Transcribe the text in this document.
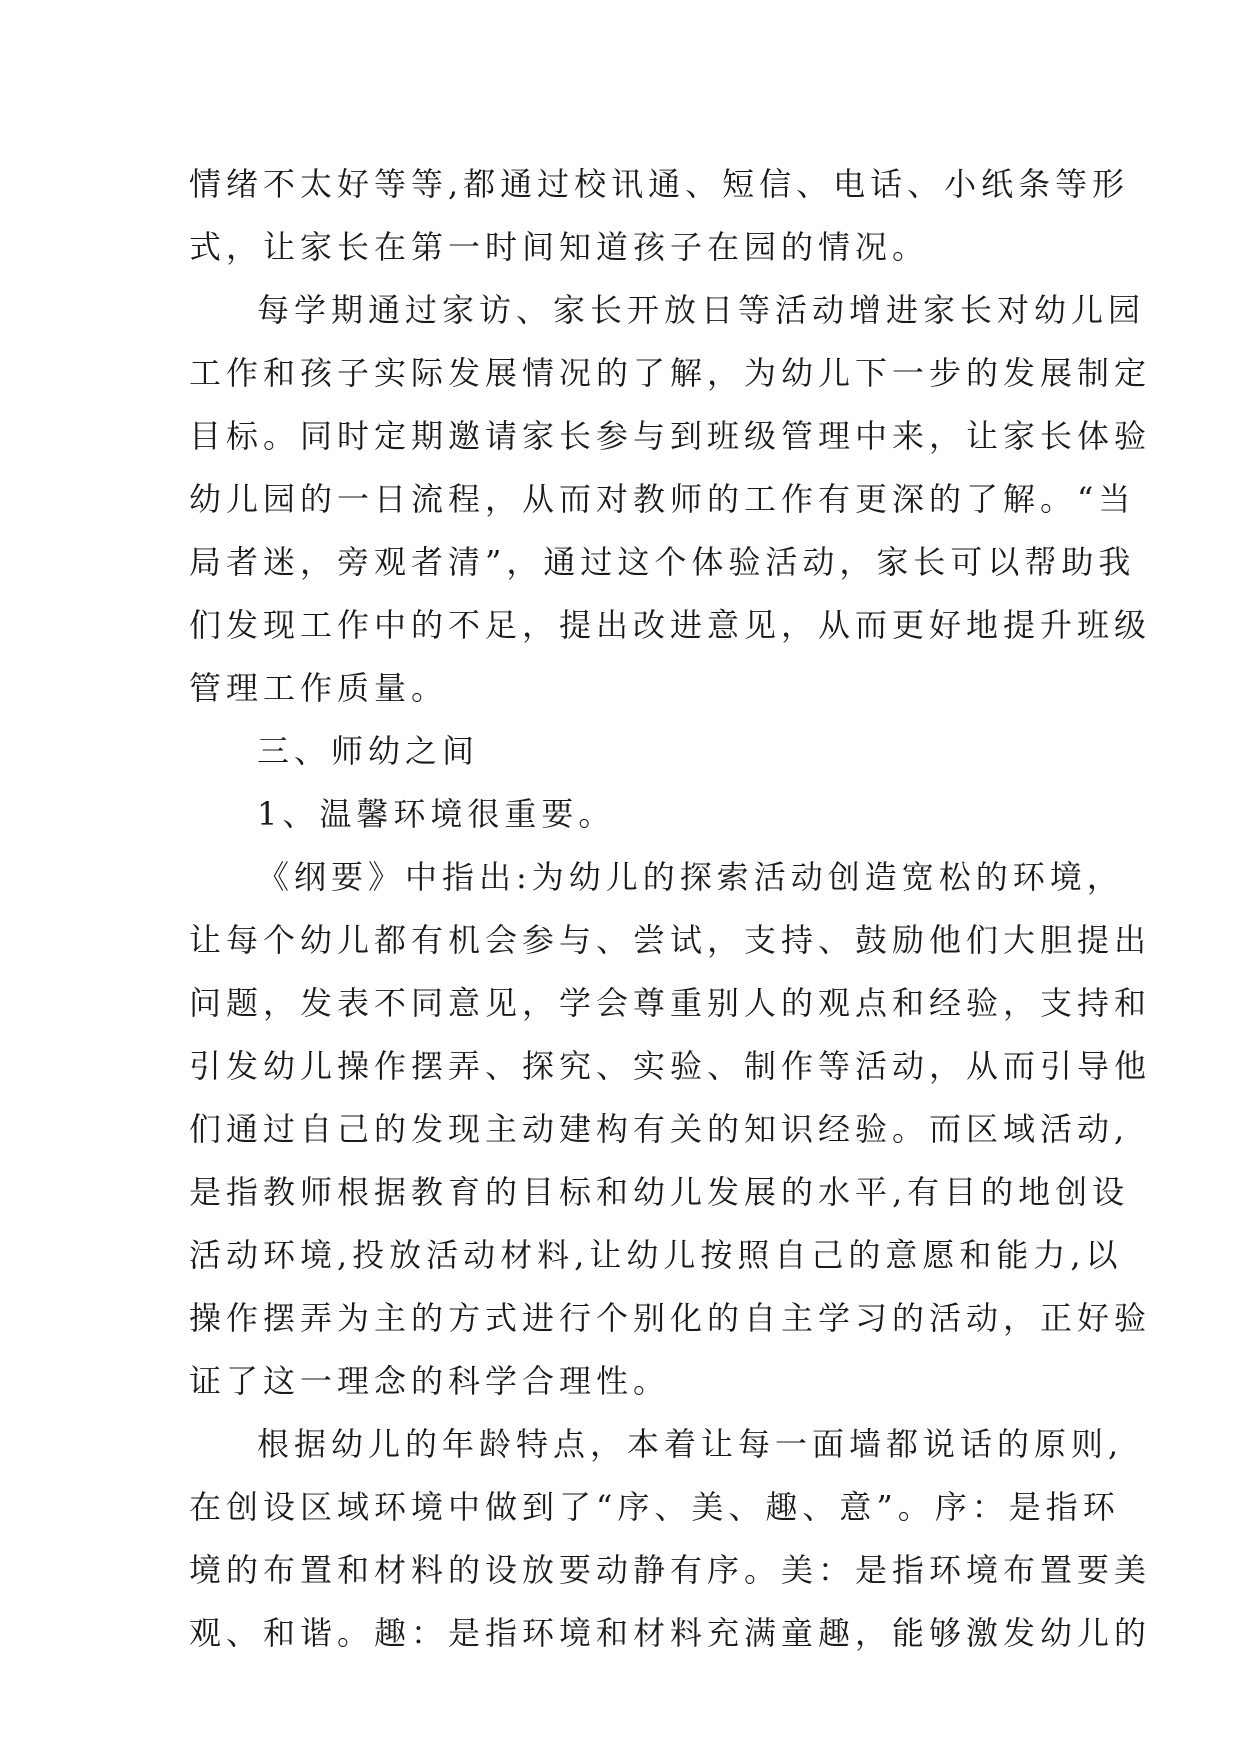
情绪不太好等等,都通过校讯通、短信、电话、小纸条等形
式，让家长在第一时间知道孩子在园的情况。
每学期通过家访、家长开放日等活动增进家长对幼儿园
工作和孩子实际发展情况的了解，为幼儿下一步的发展制定
目标。同时定期邀请家长参与到班级管理中来，让家长体验
幼儿园的一日流程，从而对教师的工作有更深的了解。“当
局者迷，旁观者清”，通过这个体验活动，家长可以帮助我
们发现工作中的不足，提出改进意见，从而更好地提升班级
管理工作质量。
三、师幼之间
1、温馨环境很重要。
《纲要》中指出:为幼儿的探索活动创造宽松的环境，
让每个幼儿都有机会参与、尝试，支持、鼓励他们大胆提出
问题，发表不同意见，学会尊重别人的观点和经验，支持和
引发幼儿操作摆弄、探究、实验、制作等活动，从而引导他
们通过自己的发现主动建构有关的知识经验。而区域活动,
是指教师根据教育的目标和幼儿发展的水平,有目的地创设
活动环境,投放活动材料,让幼儿按照自己的意愿和能力,以
操作摆弄为主的方式进行个别化的自主学习的活动，正好验
证了这一理念的科学合理性。
根据幼儿的年龄特点，本着让每一面墙都说话的原则,
在创设区域环境中做到了“序、美、趣、意”。序：是指环
境的布置和材料的设放要动静有序。美：是指环境布置要美
观、和谐。趣：是指环境和材料充满童趣，能够激发幼儿的
